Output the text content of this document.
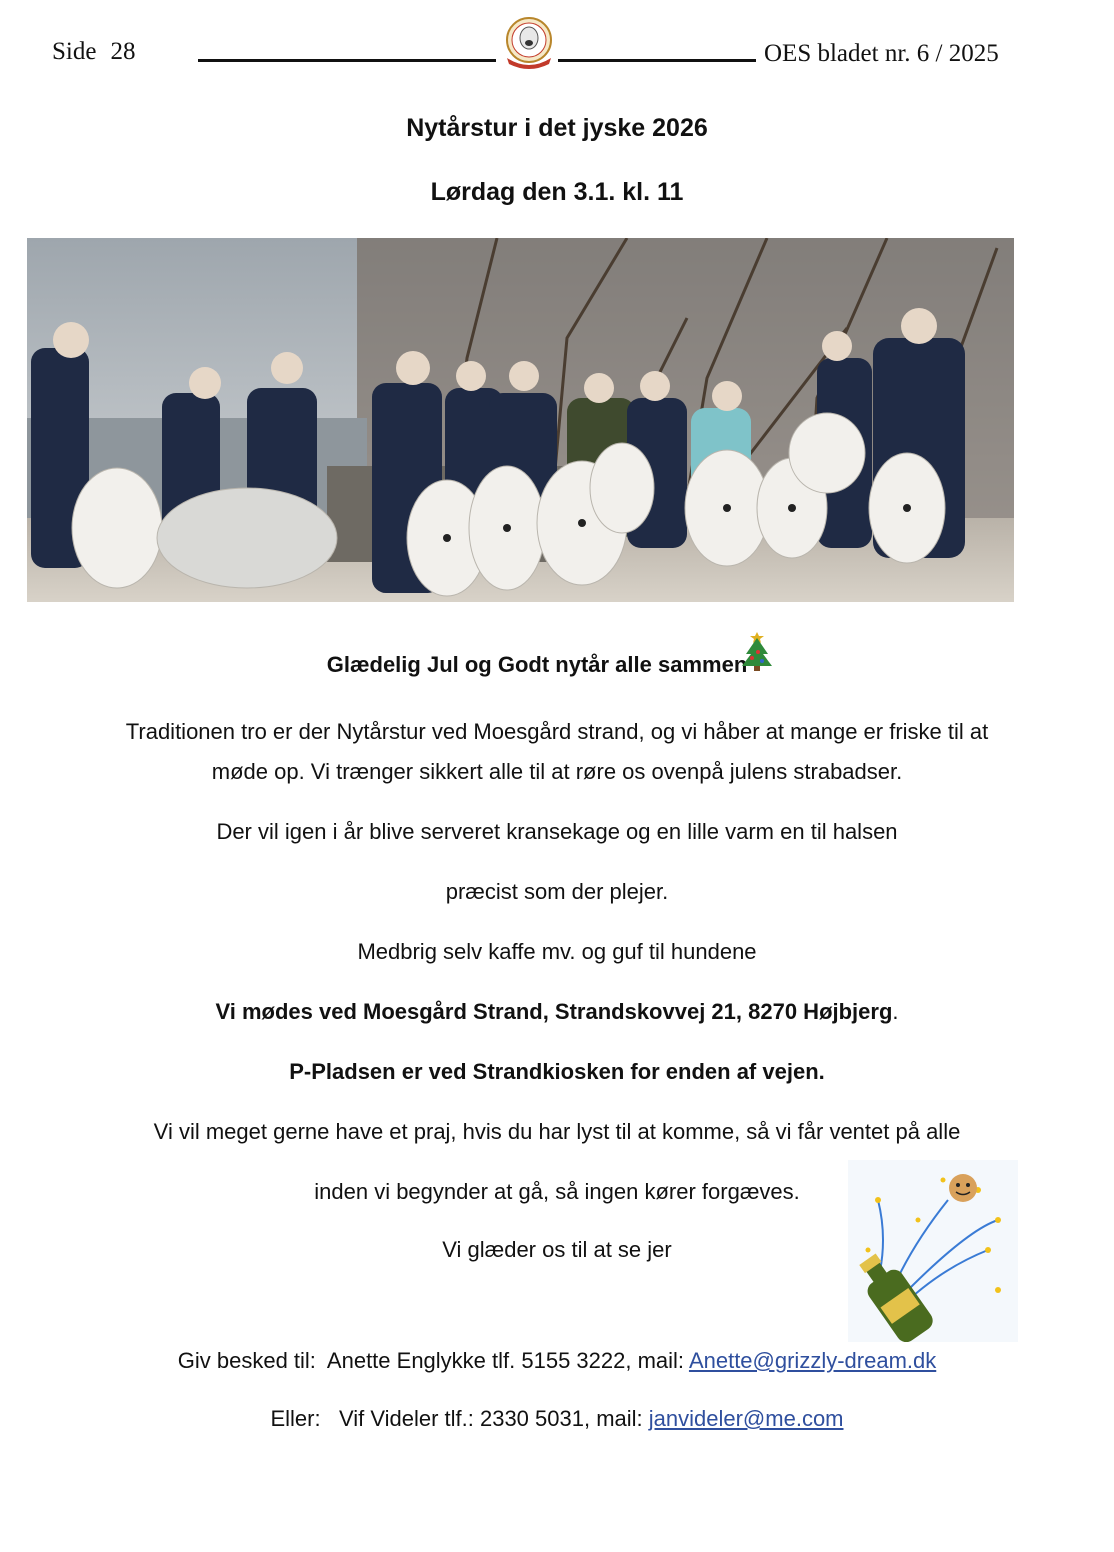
Side 28	OES bladet nr. 6 / 2025
Nytårstur i det jyske 2026
Lørdag den 3.1. kl. 11
Glædelig Jul og Godt nytår alle sammen
Traditionen tro er der Nytårstur ved Moesgård strand, og vi håber at mange er friske til at
møde op. Vi trænger sikkert alle til at røre os ovenpå julens strabadser.
Der vil igen i år blive serveret kransekage og en lille varm en til halsen
præcist som der plejer.
Medbrig selv kaffe mv. og guf til hundene
Vi mødes ved Moesgård Strand, Strandskovvej 21, 8270 Højbjerg.
P-Pladsen er ved Strandkiosken for enden af vejen.
Vi vil meget gerne have et praj, hvis du har lyst til at komme, så vi får ventet på alle
inden vi begynder at gå, så ingen kører forgæves.
Vi glæder os til at se jer
Giv besked til:  Anette Englykke tlf. 5155 3222, mail: Anette@grizzly-dream.dk
Eller:   Vif Videler tlf.: 2330 5031, mail: janvideler@me.com
